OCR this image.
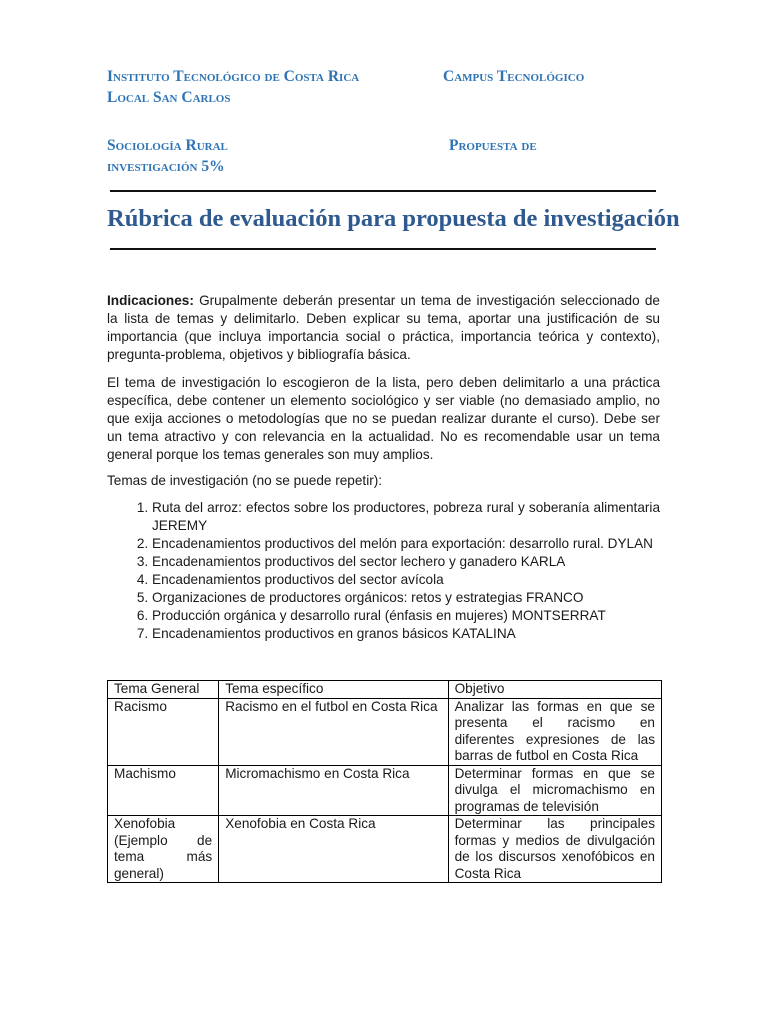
Instituto Tecnológico de Costa Rica	Campus Tecnológico
Local San Carlos
Sociología Rural	Propuesta de
investigación 5%
Rúbrica de evaluación para propuesta de investigación
Indicaciones: Grupalmente deberán presentar un tema de investigación seleccionado de la lista de temas y delimitarlo. Deben explicar su tema, aportar una justificación de su importancia (que incluya importancia social o práctica, importancia teórica y contexto), pregunta-problema, objetivos y bibliografía básica.
El tema de investigación lo escogieron de la lista, pero deben delimitarlo a una práctica específica, debe contener un elemento sociológico y ser viable (no demasiado amplio, no que exija acciones o metodologías que no se puedan realizar durante el curso). Debe ser un tema atractivo y con relevancia en la actualidad. No es recomendable usar un tema general porque los temas generales son muy amplios.
Temas de investigación (no se puede repetir):
1. Ruta del arroz: efectos sobre los productores, pobreza rural y soberanía alimentaria JEREMY
2. Encadenamientos productivos del melón para exportación: desarrollo rural. DYLAN
3. Encadenamientos productivos del sector lechero y ganadero KARLA
4. Encadenamientos productivos del sector avícola
5. Organizaciones de productores orgánicos: retos y estrategias FRANCO
6. Producción orgánica y desarrollo rural (énfasis en mujeres) MONTSERRAT
7. Encadenamientos productivos en granos básicos KATALINA
Tema General	Tema específico	Objetivo
Racismo	Racismo en el futbol en Costa Rica	Analizar las formas en que se presenta el racismo en diferentes expresiones de las barras de futbol en Costa Rica
Machismo	Micromachismo en Costa Rica	Determinar formas en que se divulga el micromachismo en programas de televisión
Xenofobia (Ejemplo de tema más general)	Xenofobia en Costa Rica	Determinar las principales formas y medios de divulgación de los discursos xenofóbicos en Costa Rica
